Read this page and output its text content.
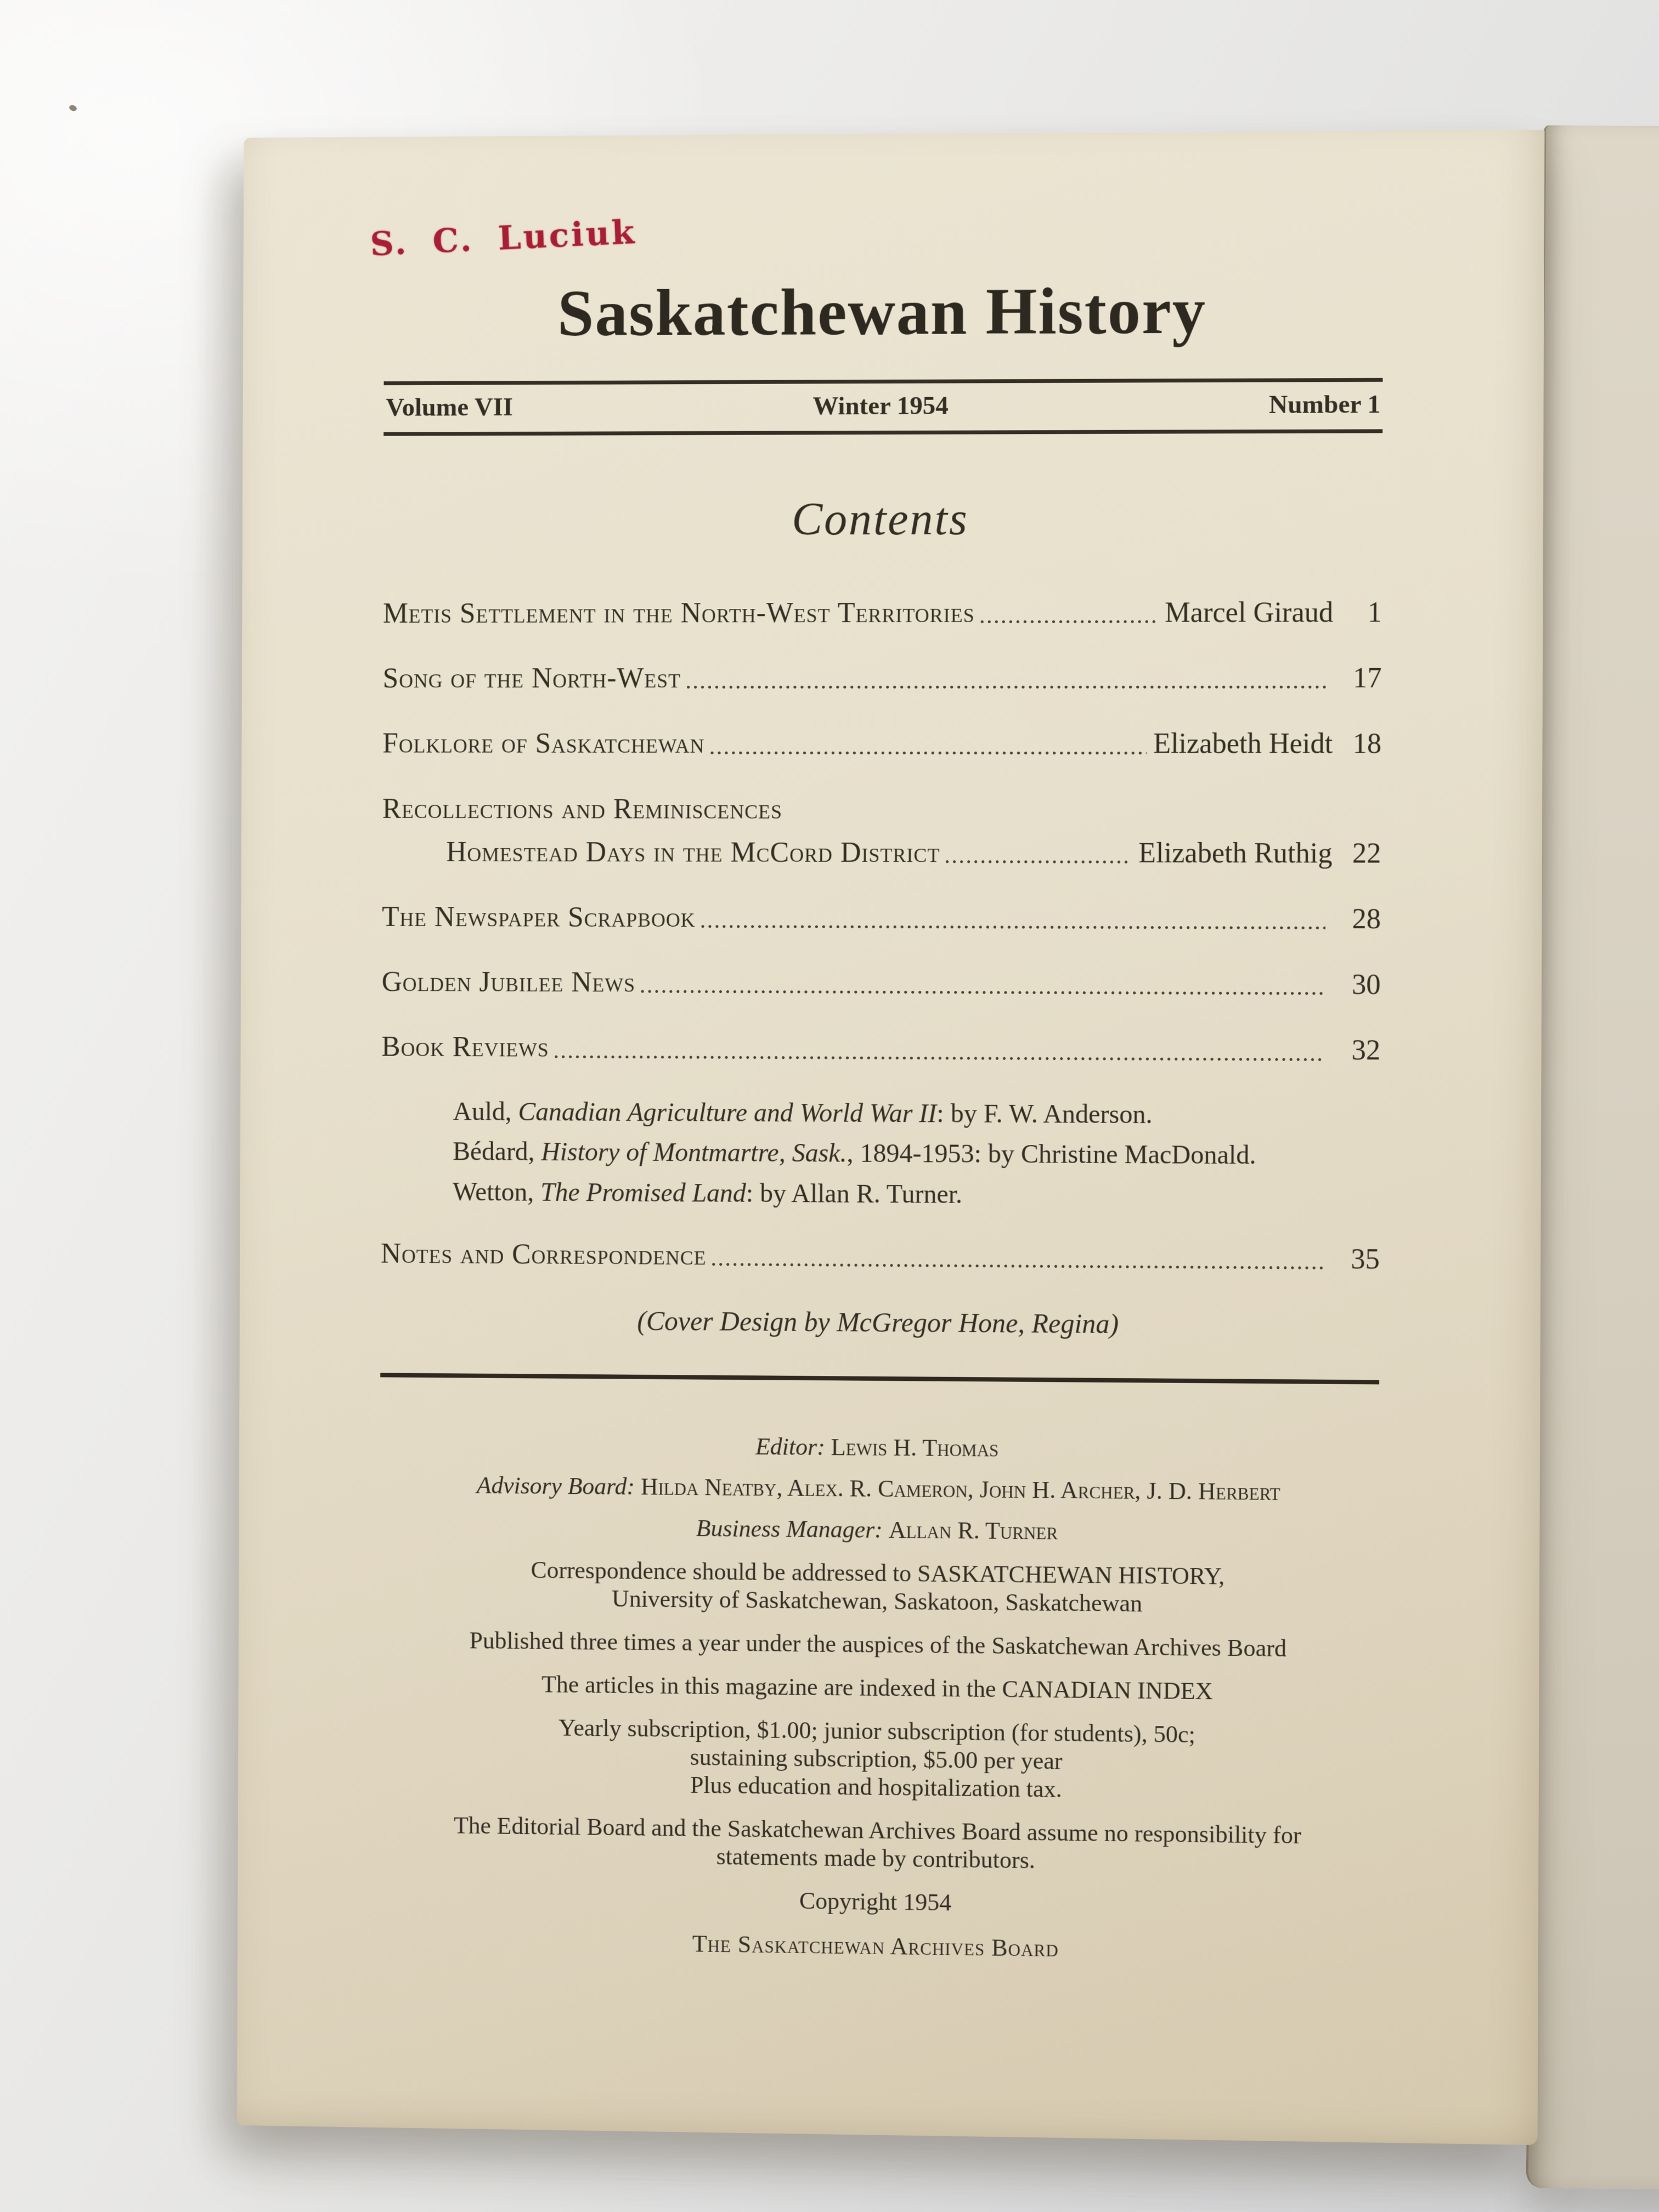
S. C. Luciuk
Saskatchewan History
Volume VII	Winter 1954	Number 1
Contents
Metis Settlement in the North-West Territories	Marcel Giraud	1
Song of the North-West	17
Folklore of Saskatchewan	Elizabeth Heidt 18
Recollections and Reminiscences
Homestead Days in the McCord District	Elizabeth Ruthig 22
The Newspaper Scrapbook	28
Golden Jubilee News	30
Book Reviews	32
Auld, Canadian Agriculture and World War II: by F. W. Anderson.
Bédard, History of Montmartre, Sask., 1894-1953: by Christine MacDonald.
Wetton, The Promised Land: by Allan R. Turner.
Notes and Correspondence	35
(Cover Design by McGregor Hone, Regina)
Editor: Lewis H. Thomas
Advisory Board: Hilda Neatby, Alex. R. Cameron, John H. Archer, J. D. Herbert
Business Manager: Allan R. Turner
Correspondence should be addressed to SASKATCHEWAN HISTORY,
University of Saskatchewan, Saskatoon, Saskatchewan
Published three times a year under the auspices of the Saskatchewan Archives Board
The articles in this magazine are indexed in the CANADIAN INDEX
Yearly subscription, $1.00; junior subscription (for students), 50c;
sustaining subscription, $5.00 per year
Plus education and hospitalization tax.
The Editorial Board and the Saskatchewan Archives Board assume no responsibility for
statements made by contributors.
Copyright 1954
The Saskatchewan Archives Board
